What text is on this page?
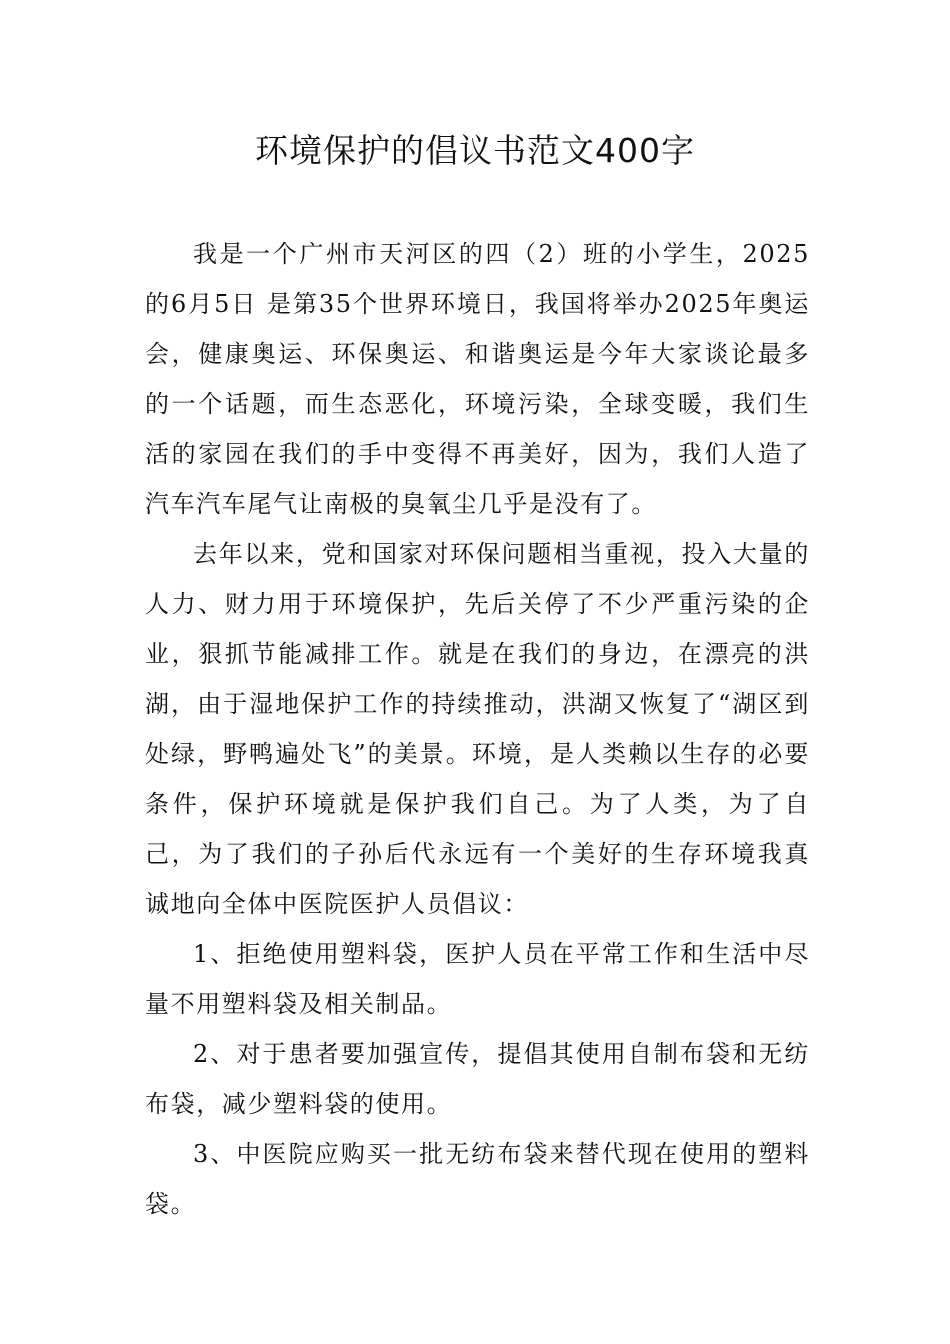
环境保护的倡议书范文400字

我是一个广州市天河区的四（2）班的小学生，2025的6月5日 是第35个世界环境日，我国将举办2025年奥运会，健康奥运、环保奥运、和谐奥运是今年大家谈论最多的一个话题，而生态恶化，环境污染，全球变暖，我们生活的家园在我们的手中变得不再美好，因为，我们人造了汽车汽车尾气让南极的臭氧尘几乎是没有了。

去年以来，党和国家对环保问题相当重视，投入大量的人力、财力用于环境保护，先后关停了不少严重污染的企业，狠抓节能减排工作。就是在我们的身边，在漂亮的洪湖，由于湿地保护工作的持续推动，洪湖又恢复了“湖区到处绿，野鸭遍处飞”的美景。环境，是人类赖以生存的必要条件，保护环境就是保护我们自己。为了人类，为了自己，为了我们的子孙后代永远有一个美好的生存环境我真诚地向全体中医院医护人员倡议：

1、拒绝使用塑料袋，医护人员在平常工作和生活中尽量不用塑料袋及相关制品。

2、对于患者要加强宣传，提倡其使用自制布袋和无纺布袋，减少塑料袋的使用。

3、中医院应购买一批无纺布袋来替代现在使用的塑料袋。
